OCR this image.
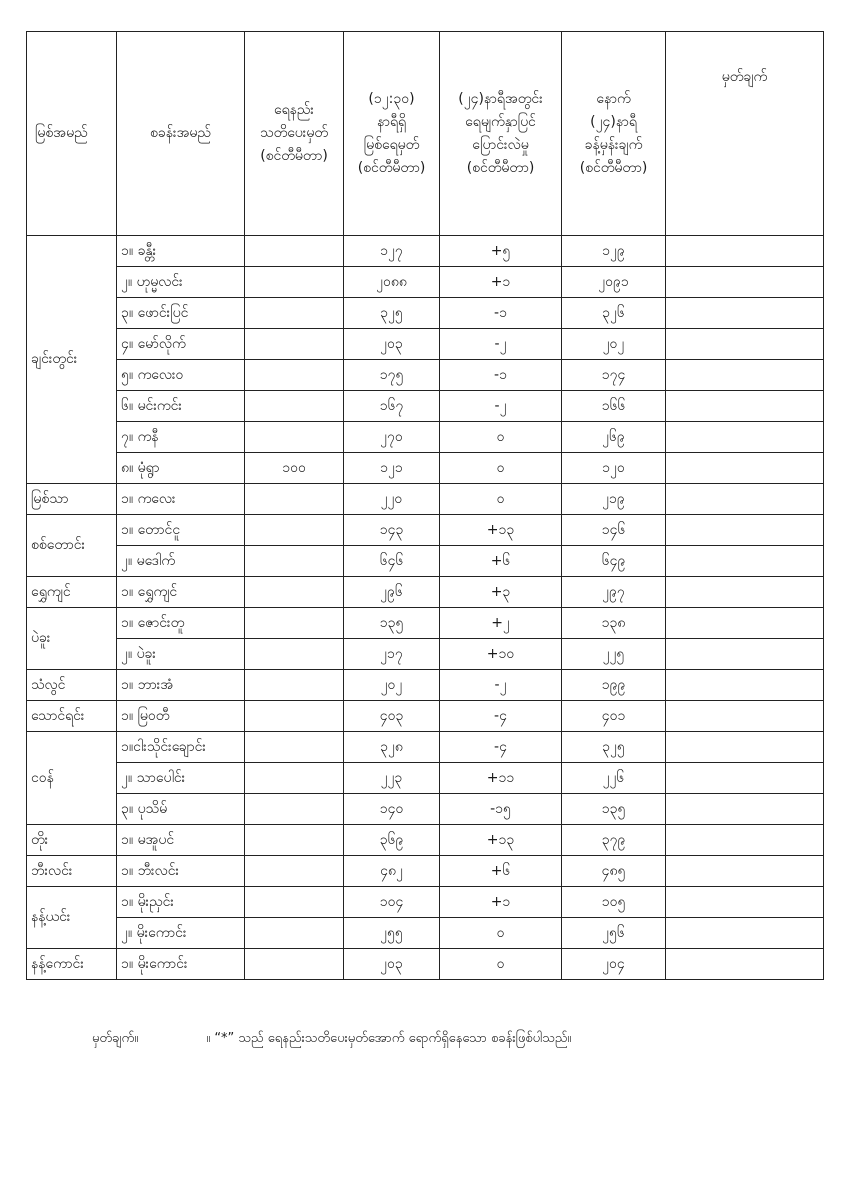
မြစ်အမည်	စခန်းအမည်	ရေနည်း
သတိပေးမှတ်
(စင်တီမီတာ)	(၁၂:၃၀)
နာရီရှိ
မြစ်ရေမှတ်
(စင်တီမီတာ)	(၂၄)နာရီအတွင်း
ရေမျက်နှာပြင်
ပြောင်းလဲမှု
(စင်တီမီတာ)	နောက်
(၂၄)နာရီ
ခန့်မှန်းချက်
(စင်တီမီတာ)	မှတ်ချက်
ချင်းတွင်း	၁။ ခန္တီး		၁၂၇	+၅	၁၂၉	
	၂။ ဟုမ္မလင်း		၂၀၈၈	+၁	၂၀၉၁	
	၃။ ဖောင်းပြင်		၃၂၅	-၁	၃၂၆	
	၄။ မော်လိုက်		၂၀၃	-၂	၂၀၂	
	၅။ ကလေးဝ		၁၇၅	-၁	၁၇၄	
	၆။ မင်းကင်း		၁၆၇	-၂	၁၆၆	
	၇။ ကနီ		၂၇၀	၀	၂၆၉	
	၈။ မုံရွာ	၁၀၀	၁၂၁	၀	၁၂၀	
မြစ်သာ	၁။ ကလေး		၂၂၀	၀	၂၁၉	
စစ်တောင်း	၁။ တောင်ငူ		၁၄၃	+၁၃	၁၄၆	
	၂။ မဒေါက်		၆၄၆	+၆	၆၄၉	
ရွှေကျင်	၁။ ရွှေကျင်		၂၉၆	+၃	၂၉၇	
ပဲခူး	၁။ ဇောင်းတူ		၁၃၅	+၂	၁၃၈	
	၂။ ပဲခူး		၂၁၇	+၁၀	၂၂၅	
သံလွင်	၁။ ဘားအံ		၂၀၂	-၂	၁၉၉	
သောင်ရင်း	၁။ မြဝတီ		၄၀၃	-၄	၄၀၁	
ငဝန်	၁။ငါးသိုင်းချောင်း		၃၂၈	-၄	၃၂၅	
	၂။ သာပေါင်း		၂၂၃	+၁၁	၂၂၆	
	၃။ ပုသိမ်		၁၄၀	-၁၅	၁၃၅	
တိုး	၁။ မအူပင်		၃၆၉	+၁၃	၃၇၉	
ဘီးလင်း	၁။ ဘီးလင်း		၄၈၂	+၆	၄၈၅	
နန့်ယင်း	၁။ မိုးညှင်း		၁၀၄	+၁	၁၀၅	
	၂။ မိုးကောင်း		၂၅၅	၀	၂၅၆	
နန့်ကောင်း	၁။ မိုးကောင်း		၂၀၃	၀	၂၀၄	
မှတ်ချက်။	။ “*” သည် ရေနည်းသတိပေးမှတ်အောက် ရောက်ရှိနေသော စခန်းဖြစ်ပါသည်။
